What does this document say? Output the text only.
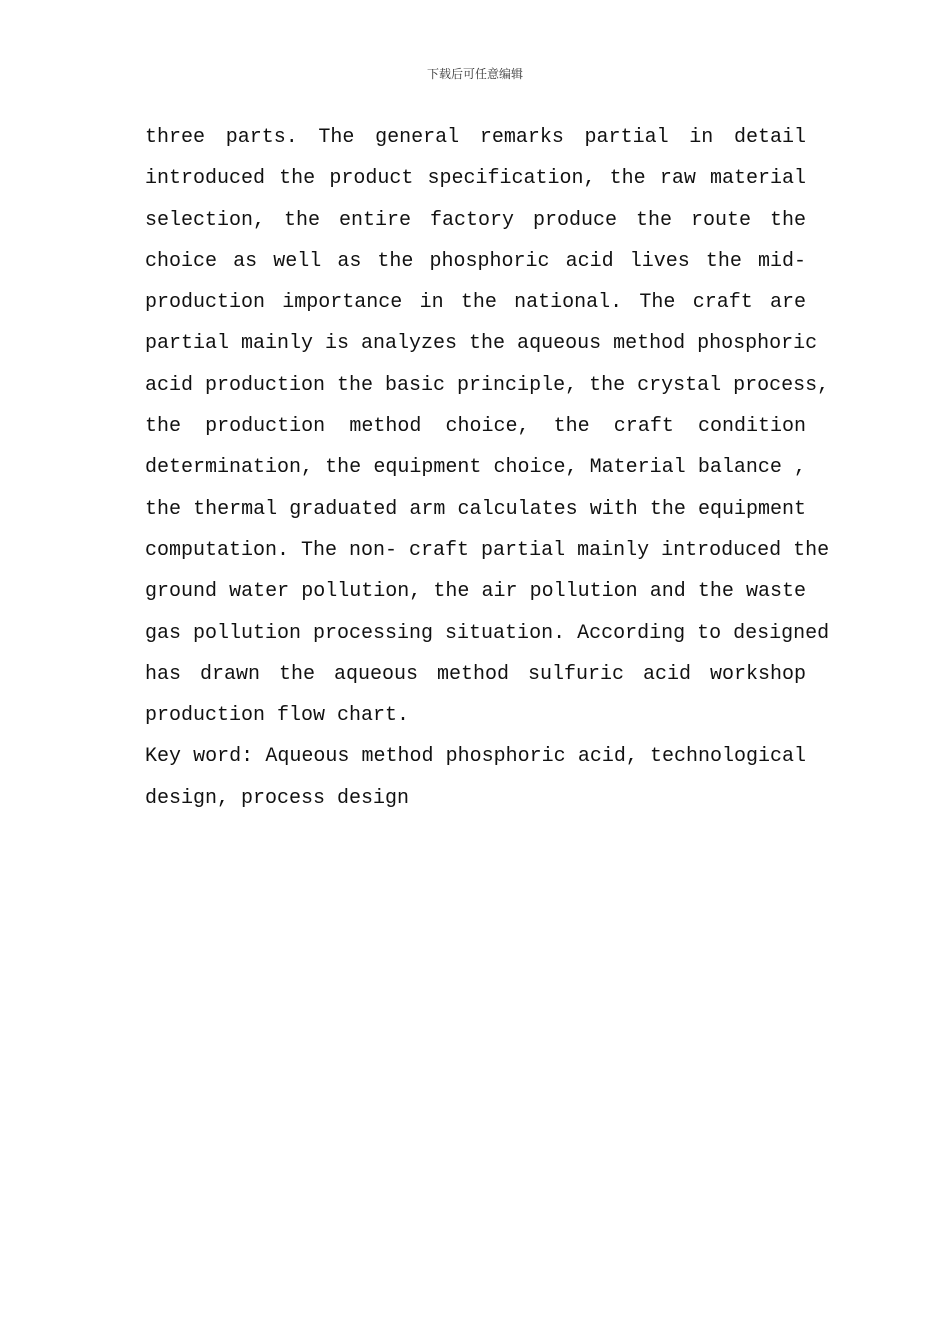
下载后可任意编辑
three parts. The general remarks partial in detail
introduced the product specification, the raw material
selection, the entire factory produce the route the
choice as well as the phosphoric acid lives the mid-
production importance in the national. The craft are
partial mainly is analyzes the aqueous method phosphoric
acid production the basic principle, the crystal process,
the production method choice, the craft condition
determination, the equipment choice, Material balance ,
the thermal graduated arm calculates with the equipment
computation. The non- craft partial mainly introduced the
ground water pollution, the air pollution and the waste
gas pollution processing situation. According to designed
has drawn the aqueous method sulfuric acid workshop
production flow chart.
Key word: Aqueous method phosphoric acid, technological
design, process design
